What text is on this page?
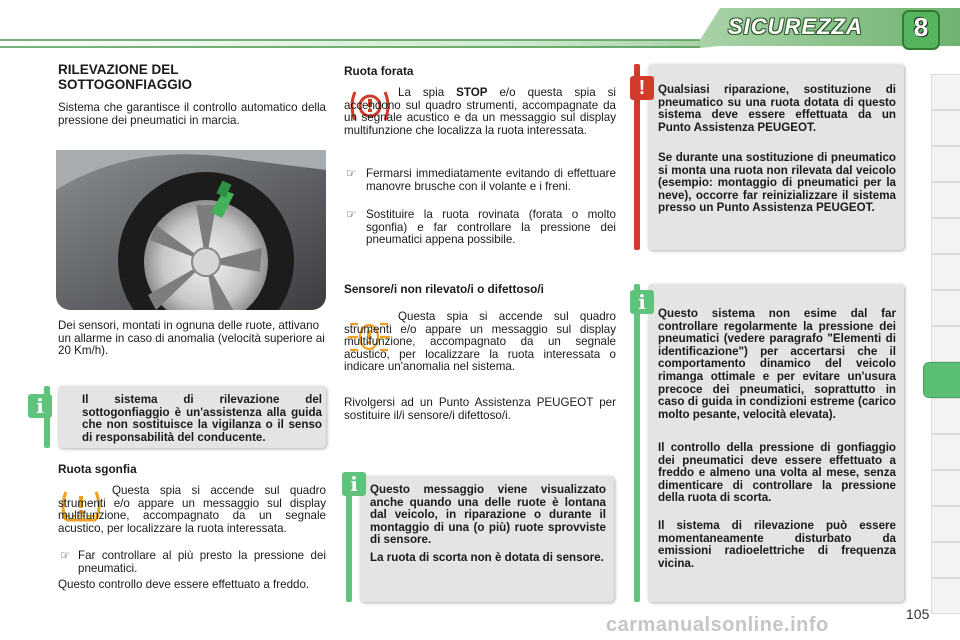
SICUREZZA	8
RILEVAZIONE DEL SOTTOGONFIAGGIO
Sistema che garantisce il controllo automatico della pressione dei pneumatici in marcia.
Dei sensori, montati in ognuna delle ruote, attivano un allarme in caso di anomalia (velocità superiore ai 20 Km/h).
Il sistema di rilevazione del sottogonfiaggio è un'assistenza alla guida che non sostituisce la vigilanza o il senso di responsabilità del conducente.
i
Ruota sgonfia
Questa spia si accende sul quadro strumenti e/o appare un messaggio sul display multifunzione, accompagnato da un segnale acustico, per localizzare la ruota interessata.
☞ Far controllare al più presto la pressione dei pneumatici.
Questo controllo deve essere effettuato a freddo.
Ruota forata
La spia STOP e/o questa spia si accendono sul quadro strumenti, accompagnate da un segnale acustico e da un messaggio sul display multifunzione che localizza la ruota interessata.
☞ Fermarsi immediatamente evitando di effettuare manovre brusche con il volante e i freni.
☞ Sostituire la ruota rovinata (forata o molto sgonfia) e far controllare la pressione dei pneumatici appena possibile.
Sensore/i non rilevato/i o difettoso/i
Questa spia si accende sul quadro strumenti e/o appare un messaggio sul display multifunzione, accompagnato da un segnale acustico, per localizzare la ruota interessata o indicare un'anomalia nel sistema.
Rivolgersi ad un Punto Assistenza PEUGEOT per sostituire il/i sensore/i difettoso/i.
Questo messaggio viene visualizzato anche quando una delle ruote è lontana dal veicolo, in riparazione o durante il montaggio di una (o più) ruote sprovviste di sensore.
La ruota di scorta non è dotata di sensore.
i
Qualsiasi riparazione, sostituzione di pneumatico su una ruota dotata di questo sistema deve essere effettuata da un Punto Assistenza PEUGEOT.
Se durante una sostituzione di pneumatico si monta una ruota non rilevata dal veicolo (esempio: montaggio di pneumatici per la neve), occorre far reinizializzare il sistema presso un Punto Assistenza PEUGEOT.
!
Questo sistema non esime dal far controllare regolarmente la pressione dei pneumatici (vedere paragrafo "Elementi di identificazione") per accertarsi che il comportamento dinamico del veicolo rimanga ottimale e per evitare un'usura precoce dei pneumatici, soprattutto in caso di guida in condizioni estreme (carico molto pesante, velocità elevata).
Il controllo della pressione di gonfiaggio dei pneumatici deve essere effettuato a freddo e almeno una volta al mese, senza dimenticare di controllare la pressione della ruota di scorta.
Il sistema di rilevazione può essere momentaneamente disturbato da emissioni radioelettriche di frequenza vicina.
i
105
carmanualsonline.info
